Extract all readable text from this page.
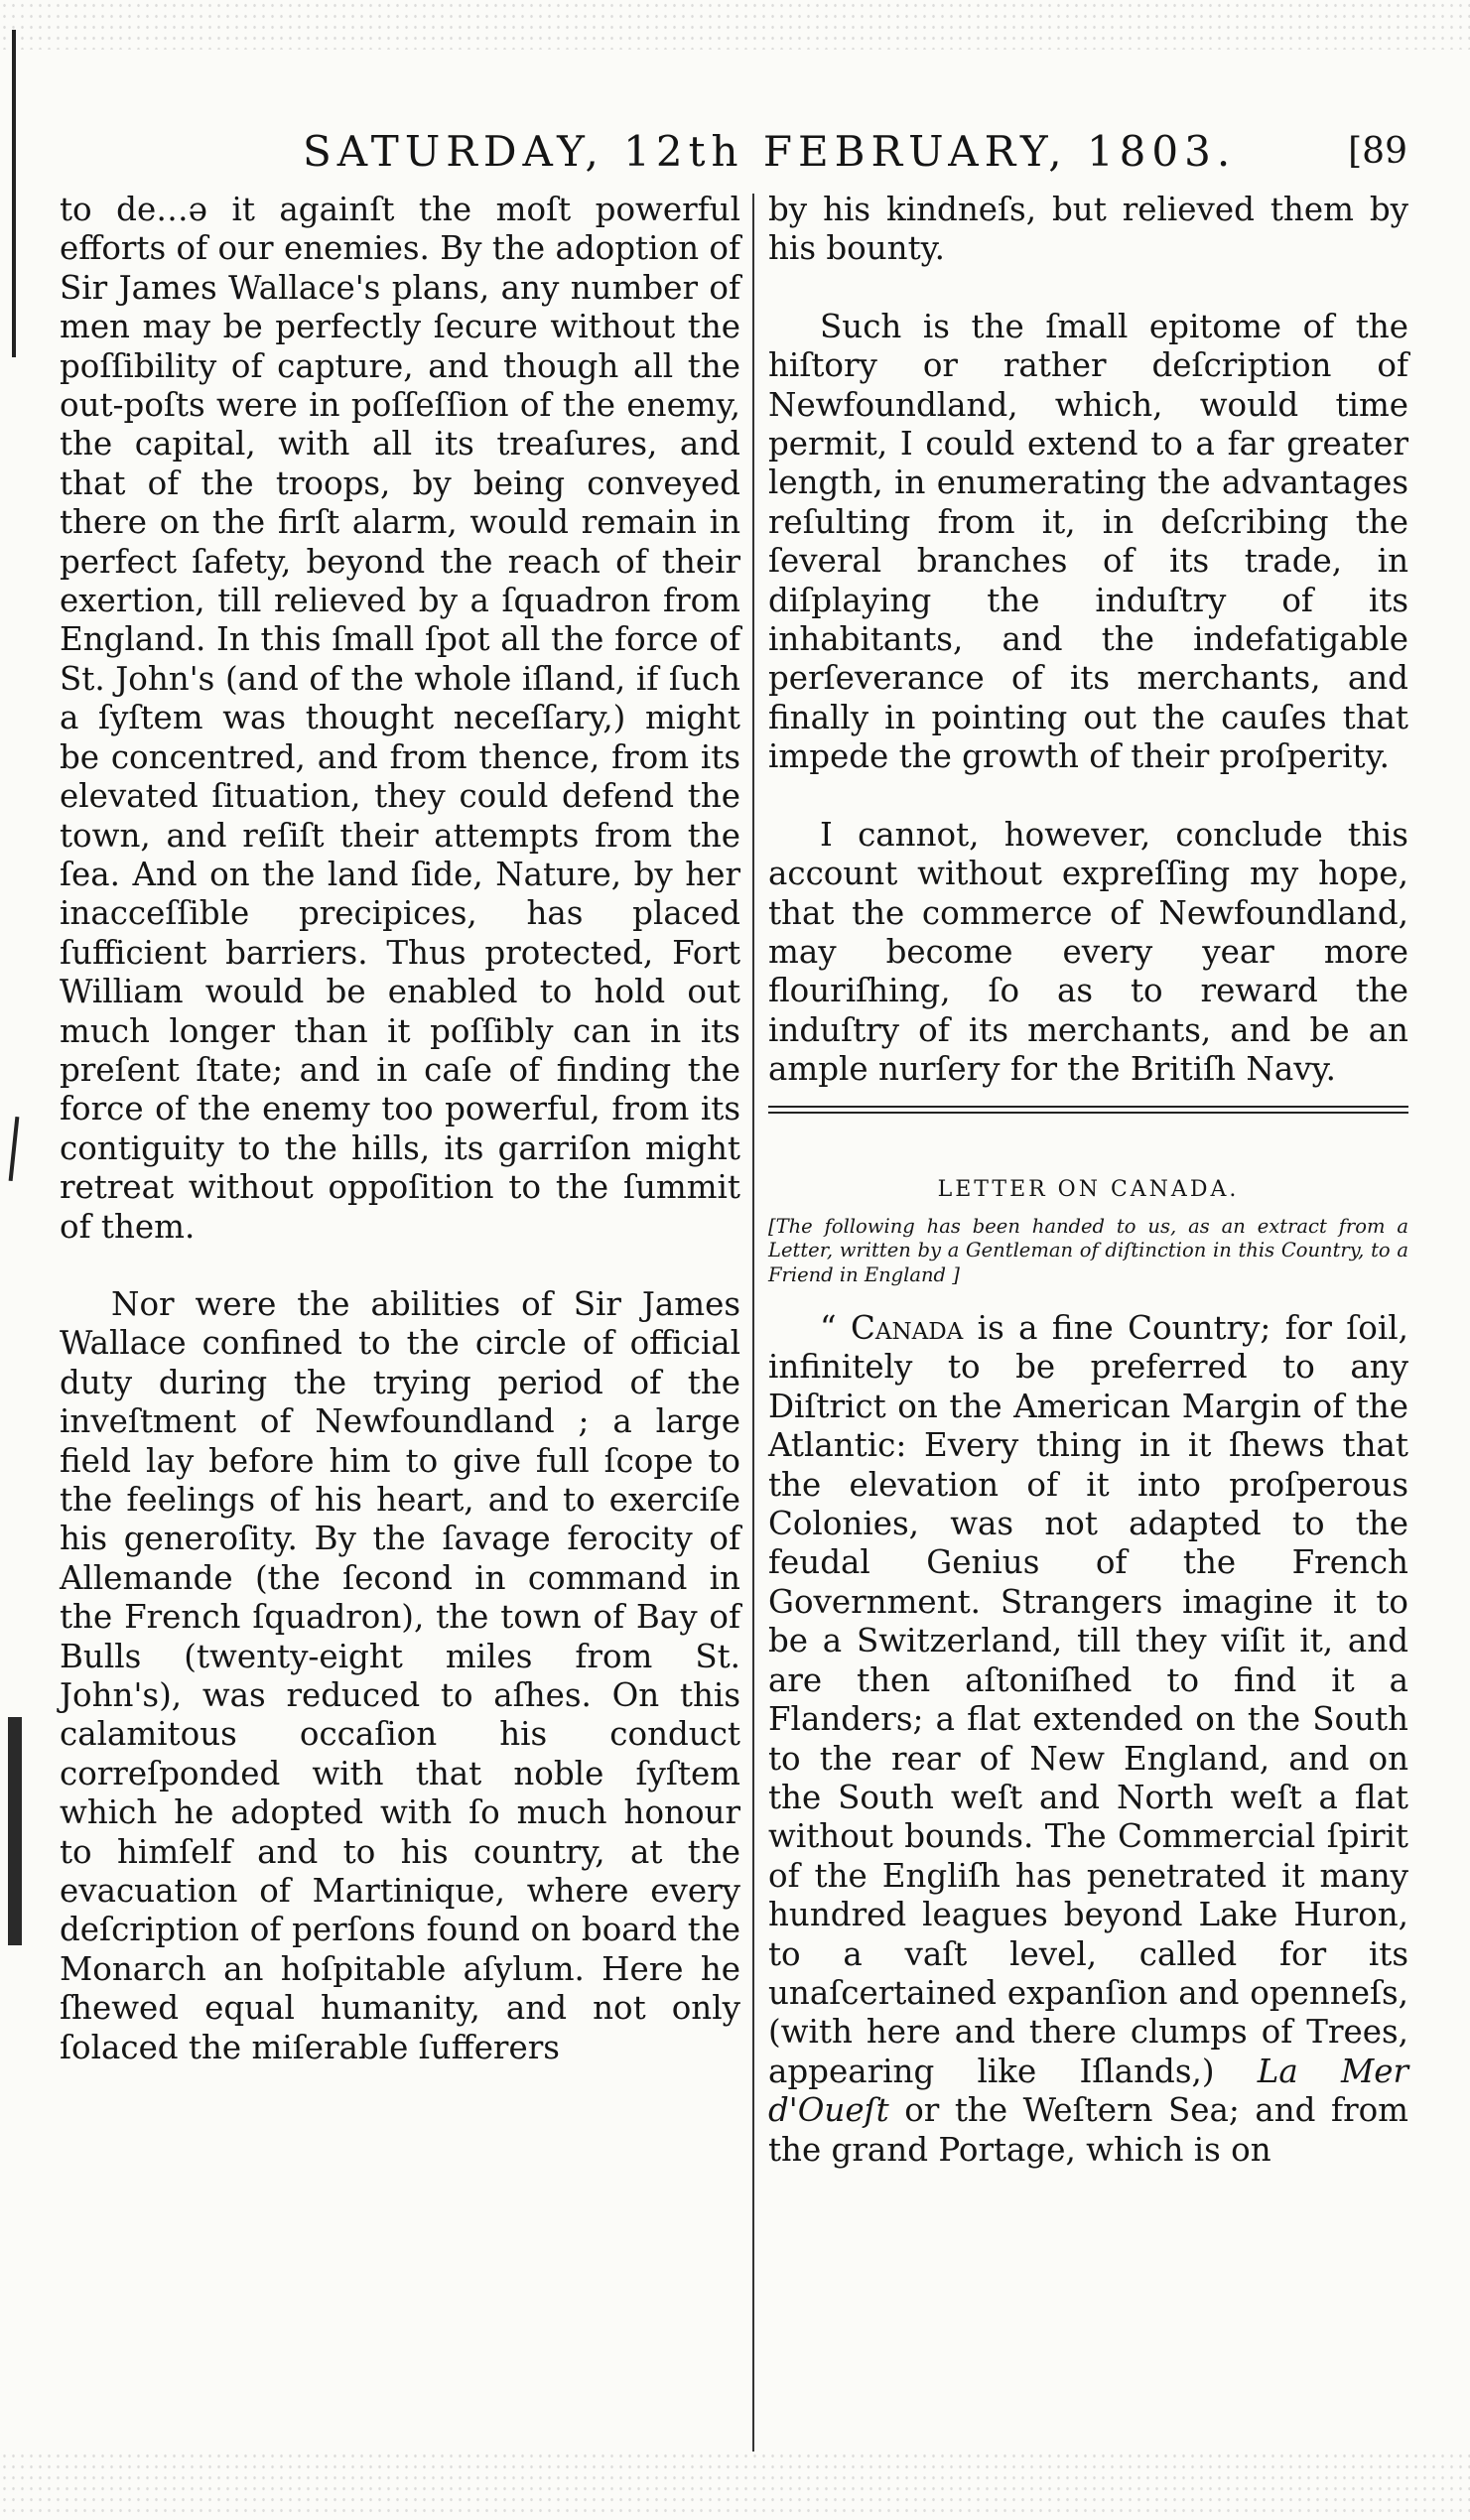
SATURDAY, 12th FEBRUARY, 1803.	[89

to de…ə it againſt the moſt powerful efforts of our enemies. By the adoption of Sir James Wallace's plans, any number of men may be perfectly ſecure without the poſſibility of capture, and though all the out-poſts were in poſſeſſion of the enemy, the capital, with all its treaſures, and that of the troops, by being conveyed there on the firſt alarm, would remain in perfect ſafety, beyond the reach of their exertion, till relieved by a ſquadron from England. In this ſmall ſpot all the force of St. John's (and of the whole iſland, if ſuch a ſyſtem was thought neceſſary,) might be concentred, and from thence, from its elevated ſituation, they could defend the town, and reſiſt their attempts from the ſea. And on the land ſide, Nature, by her inacceſſible precipices, has placed ſufficient barriers. Thus protected, Fort William would be enabled to hold out much longer than it poſſibly can in its preſent ſtate; and in caſe of finding the force of the enemy too powerful, from its contiguity to the hills, its garriſon might retreat without oppoſition to the ſummit of them.

Nor were the abilities of Sir James Wallace confined to the circle of official duty during the trying period of the inveſtment of Newfoundland ; a large field lay before him to give full ſcope to the feelings of his heart, and to exerciſe his generoſity. By the ſavage ferocity of Allemande (the ſecond in command in the French ſquadron), the town of Bay of Bulls (twenty-eight miles from St. John's), was reduced to aſhes. On this calamitous occaſion his conduct correſponded with that noble ſyſtem which he adopted with ſo much honour to himſelf and to his country, at the evacuation of Martinique, where every deſcription of perſons found on board the Monarch an hoſpitable aſylum. Here he ſhewed equal humanity, and not only ſolaced the miſerable ſufferers

by his kindneſs, but relieved them by his bounty.

Such is the ſmall epitome of the hiſtory or rather deſcription of Newfoundland, which, would time permit, I could extend to a far greater length, in enumerating the advantages reſulting from it, in deſcribing the ſeveral branches of its trade, in diſplaying the induſtry of its inhabitants, and the indefatigable perſeverance of its merchants, and finally in pointing out the cauſes that impede the growth of their proſperity.

I cannot, however, conclude this account without expreſſing my hope, that the commerce of Newfoundland, may become every year more flouriſhing, ſo as to reward the induſtry of its merchants, and be an ample nurſery for the Britiſh Navy.

LETTER ON CANADA.

[The following has been handed to us, as an extract from a Letter, written by a Gentleman of diſtinction in this Country, to a Friend in England ]

“ Canada is a fine Country; for ſoil, infinitely to be preferred to any Diſtrict on the American Margin of the Atlantic: Every thing in it ſhews that the elevation of it into proſperous Colonies, was not adapted to the feudal Genius of the French Government. Strangers imagine it to be a Switzerland, till they viſit it, and are then aſtoniſhed to find it a Flanders; a flat extended on the South to the rear of New England, and on the South weſt and North weſt a flat without bounds. The Commercial ſpirit of the Engliſh has penetrated it many hundred leagues beyond Lake Huron, to a vaſt level, called for its unaſcertained expanſion and openneſs, (with here and there clumps of Trees, appearing like Iſlands,) La Mer d'Oueſt or the Weſtern Sea; and from the grand Portage, which is on
